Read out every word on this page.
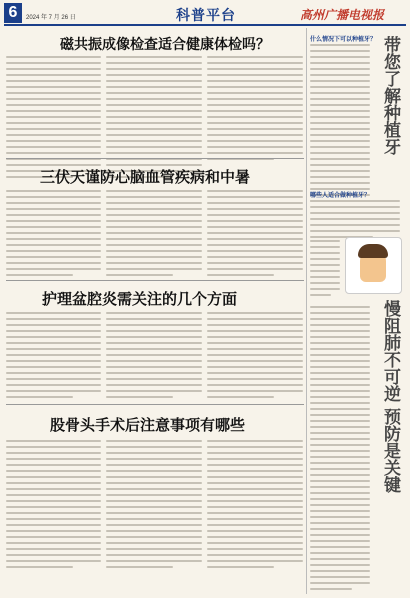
6	2024 年 7 月 26 日	科普平台	高州广播电视报
磁共振成像检查适合健康体检吗？
三伏天谨防心脑血管疾病和中暑
护理盆腔炎需关注的几个方面
股骨头手术后注意事项有哪些
什么情况下可以种植牙？ 带您了解种植牙
哪些人适合做种植牙？
慢阻肺不可逆 预防是关键
